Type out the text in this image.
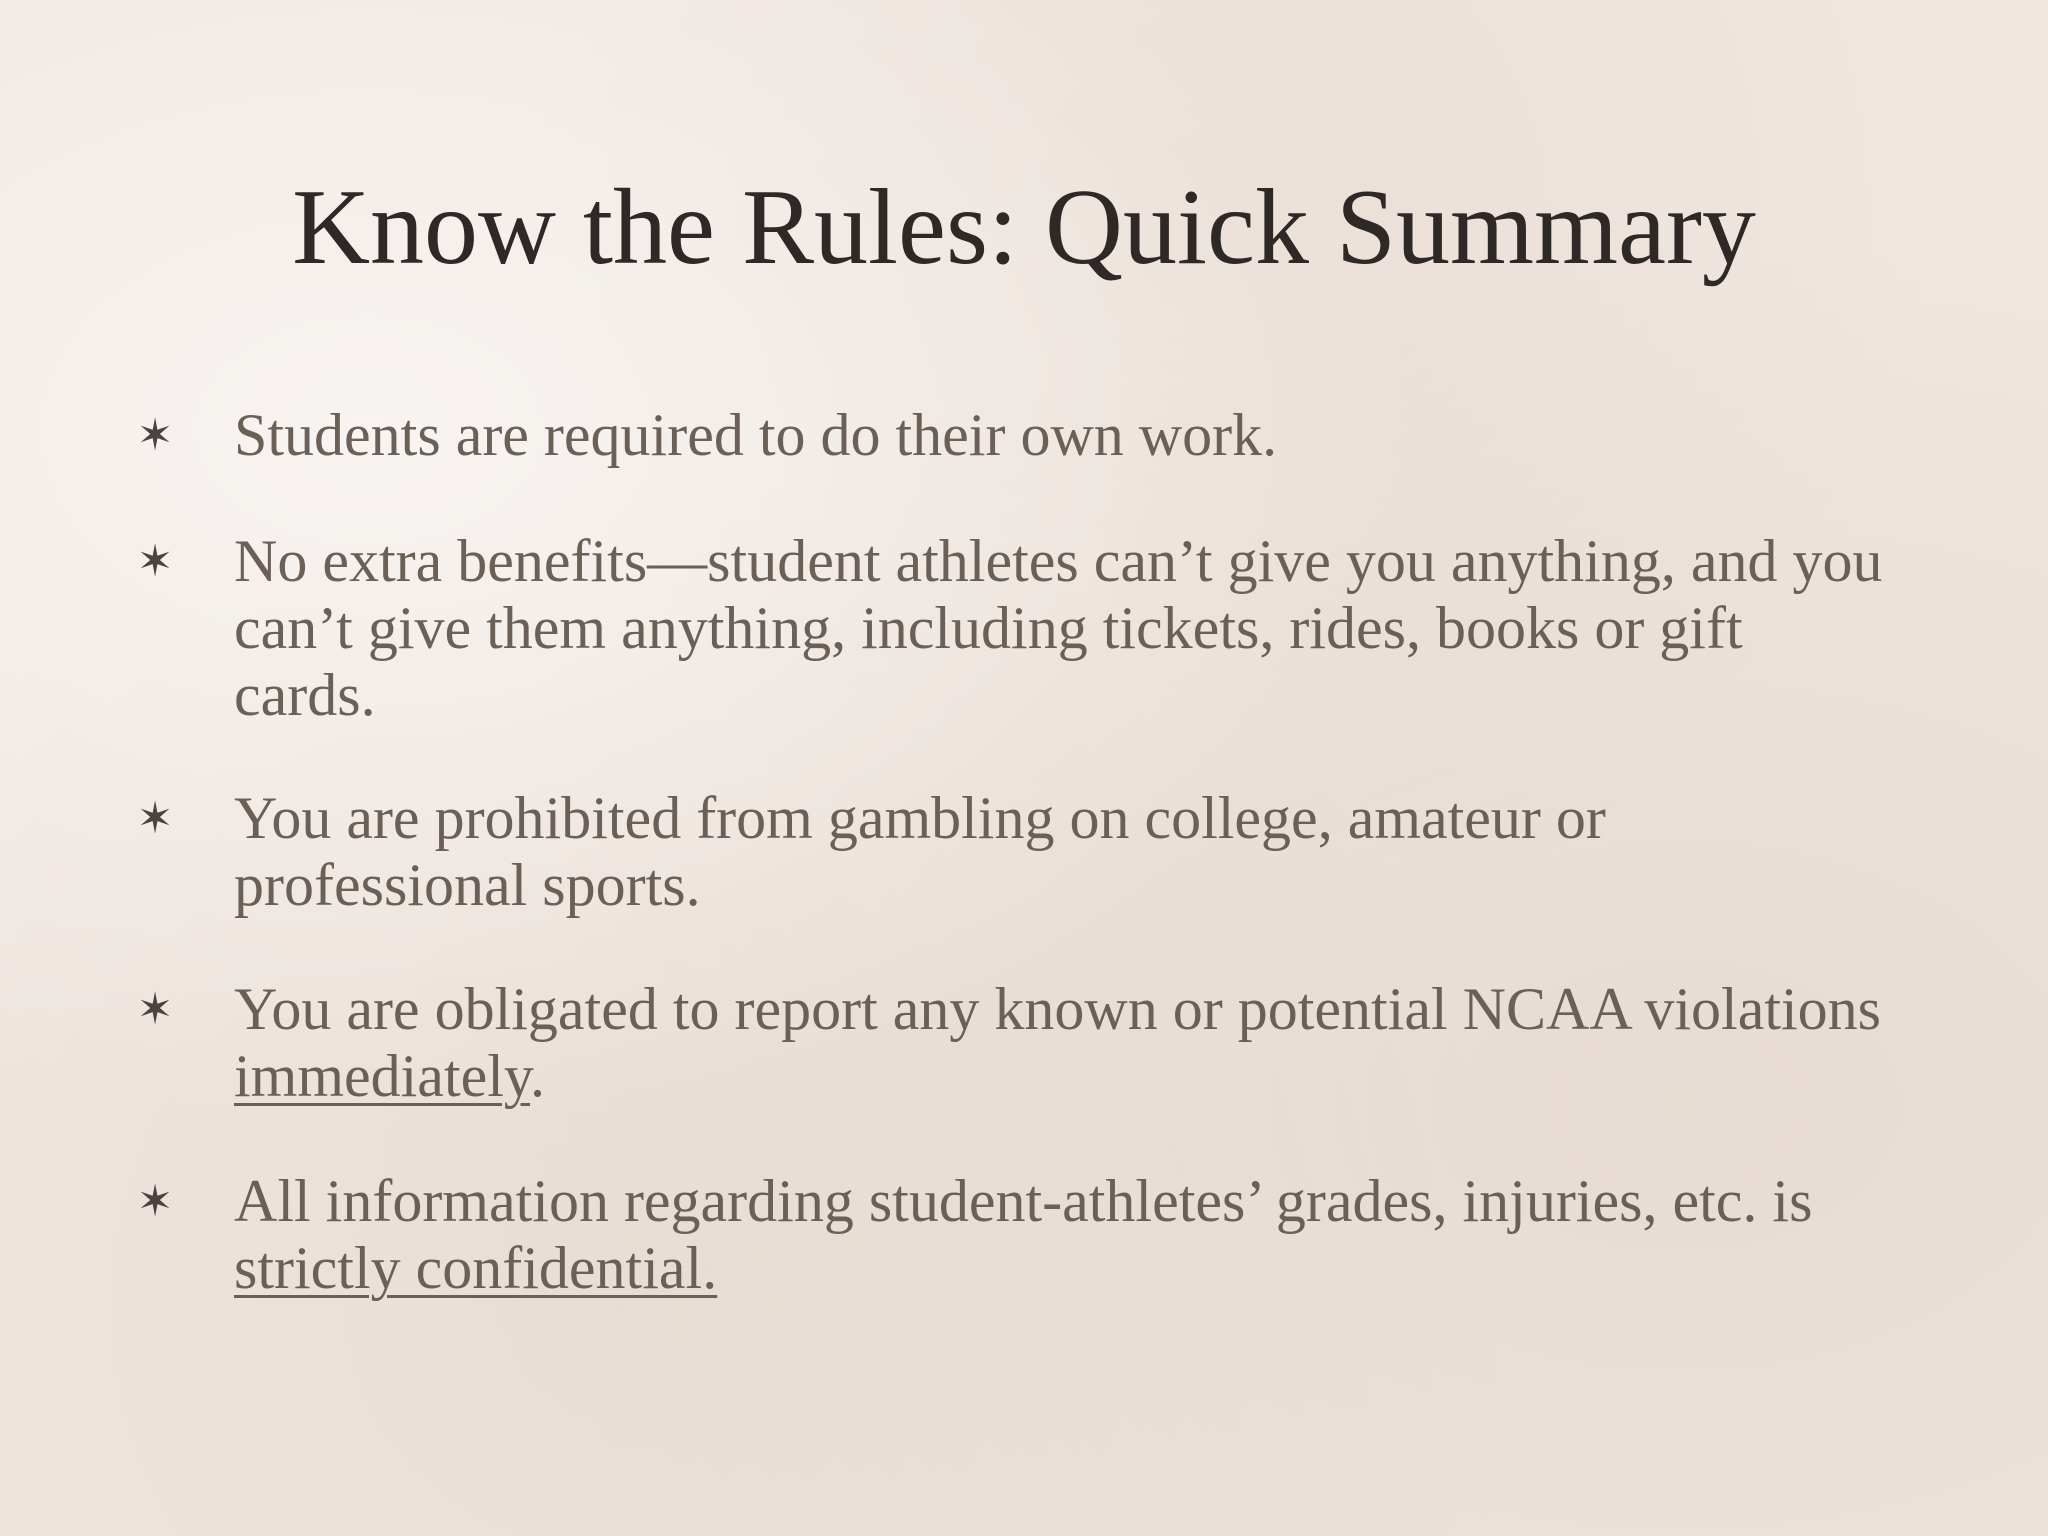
Know the Rules: Quick Summary
✶ Students are required to do their own work.

✶ No extra benefits—student athletes can’t give you anything, and you can’t give them anything, including tickets, rides, books or gift cards.

✶ You are prohibited from gambling on college, amateur or professional sports.

✶ You are obligated to report any known or potential NCAA violations immediately.

✶ All information regarding student-athletes’ grades, injuries, etc. is strictly confidential.
